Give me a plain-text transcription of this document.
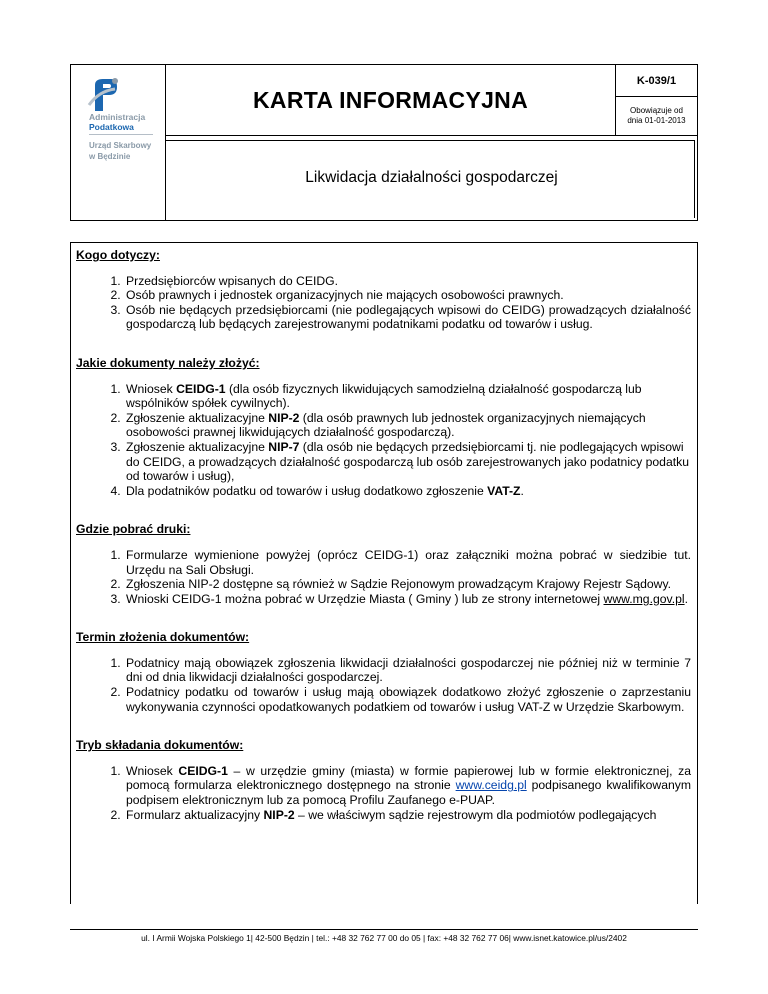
Administracja
Podatkowa
Urząd Skarbowy
w Będzinie
KARTA INFORMACYJNA
K-039/1
Obowiązuje od
dnia 01-01-2013
Likwidacja działalności gospodarczej
Kogo dotyczy:
1. Przedsiębiorców wpisanych do CEIDG.
2. Osób prawnych i jednostek organizacyjnych nie mających osobowości prawnych.
3. Osób nie będących przedsiębiorcami (nie podlegających wpisowi do CEIDG) prowadzących działalność gospodarczą lub będących zarejestrowanymi podatnikami podatku od towarów i usług.
Jakie dokumenty należy złożyć:
1. Wniosek CEIDG-1 (dla osób fizycznych likwidujących samodzielną działalność gospodarczą lub wspólników spółek cywilnych).
2. Zgłoszenie aktualizacyjne NIP-2 (dla osób prawnych lub jednostek organizacyjnych niemających osobowości prawnej likwidujących działalność gospodarczą).
3. Zgłoszenie aktualizacyjne NIP-7 (dla osób nie będących przedsiębiorcami tj. nie podlegających wpisowi do CEIDG, a prowadzących działalność gospodarczą lub osób zarejestrowanych jako podatnicy podatku od towarów i usług),
4. Dla podatników podatku od towarów i usług dodatkowo zgłoszenie VAT-Z.
Gdzie pobrać druki:
1. Formularze wymienione powyżej (oprócz CEIDG-1) oraz załączniki można pobrać w siedzibie tut. Urzędu na Sali Obsługi.
2. Zgłoszenia NIP-2 dostępne są również w Sądzie Rejonowym prowadzącym Krajowy Rejestr Sądowy.
3. Wnioski CEIDG-1 można pobrać w Urzędzie Miasta ( Gminy ) lub ze strony internetowej www.mg.gov.pl.
Termin złożenia dokumentów:
1. Podatnicy mają obowiązek zgłoszenia likwidacji działalności gospodarczej nie później niż w terminie 7 dni od dnia likwidacji działalności gospodarczej.
2. Podatnicy podatku od towarów i usług mają obowiązek dodatkowo złożyć zgłoszenie o zaprzestaniu wykonywania czynności opodatkowanych podatkiem od towarów i usług VAT-Z w Urzędzie Skarbowym.
Tryb składania dokumentów:
1. Wniosek CEIDG-1 – w urzędzie gminy (miasta) w formie papierowej lub w formie elektronicznej, za pomocą formularza elektronicznego dostępnego na stronie www.ceidg.pl podpisanego kwalifikowanym podpisem elektronicznym lub za pomocą Profilu Zaufanego e-PUAP.
2. Formularz aktualizacyjny NIP-2 – we właściwym sądzie rejestrowym dla podmiotów podlegających
ul. I Armii Wojska Polskiego 1| 42-500 Będzin | tel.: +48 32 762 77 00 do 05 | fax: +48 32 762 77 06| www.isnet.katowice.pl/us/2402
